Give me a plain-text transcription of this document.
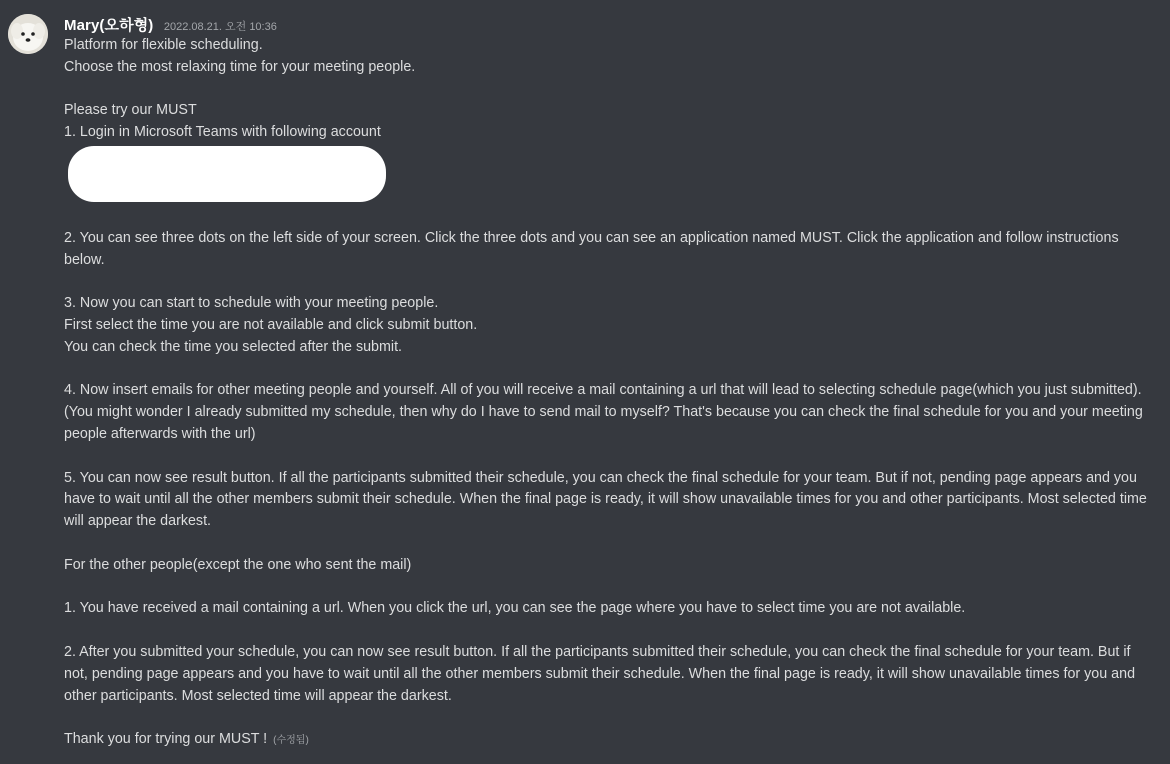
Mary(오하형) 2022.08.21. 오전 10:36
Platform for flexible scheduling.
Choose the most relaxing time for your meeting people.
Please try our MUST
1. Login in Microsoft Teams with following account
2. You can see three dots on the left side of your screen. Click the three dots and you can see an application named MUST. Click the application and follow instructions below.
3. Now you can start to schedule with your meeting people.
First select the time you are not available and click submit button.
You can check the time you selected after the submit.
4. Now insert emails for other meeting people and yourself. All of you will receive a mail containing a url that will lead to selecting schedule page(which you just submitted).
(You might wonder I already submitted my schedule, then why do I have to send mail to myself? That's because you can check the final schedule for you and your meeting people afterwards with the url)
5. You can now see result button. If all the participants submitted their schedule, you can check the final schedule for your team. But if not, pending page appears and you have to wait until all the other members submit their schedule. When the final page is ready, it will show unavailable times for you and other participants. Most selected time will appear the darkest.
For the other people(except the one who sent the mail)
1. You have received a mail containing a url. When you click the url, you can see the page where you have to select time you are not available.
2. After you submitted your schedule, you can now see result button. If all the participants submitted their schedule, you can check the final schedule for your team. But if not, pending page appears and you have to wait until all the other members submit their schedule. When the final page is ready, it will show unavailable times for you and other participants. Most selected time will appear the darkest.
Thank you for trying our MUST ! (수정됨)
